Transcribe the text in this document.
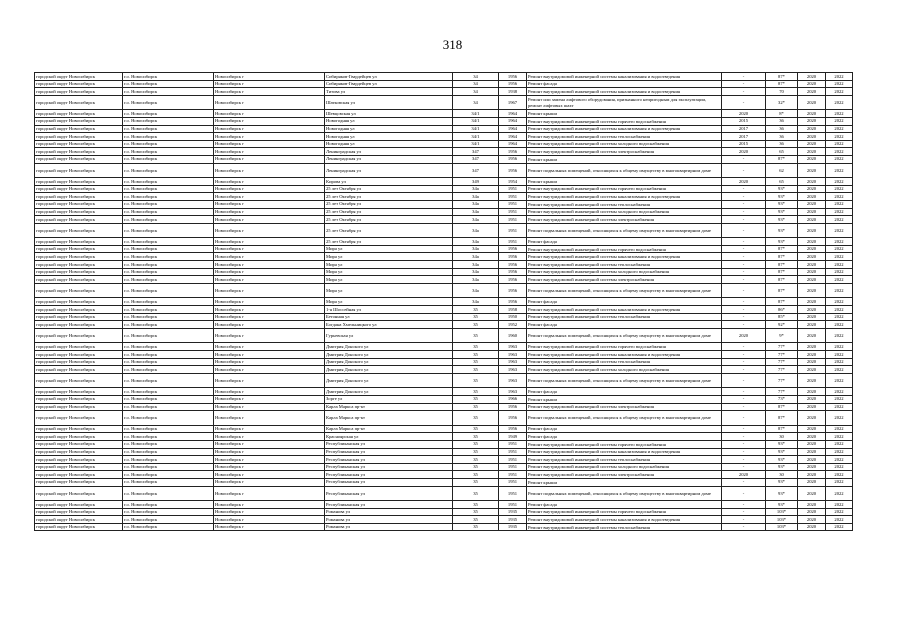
318
городской округ Новосибирск	г.о. Новосибирск	Новосибирск г	Сибиряков-Гвардейцев ул	34	1956	Ремонт внутридомовой инженерной системы канализования и водоотведения	-	87*	2020	2022
городской округ Новосибирск	г.о. Новосибирск	Новосибирск г	Сибиряков-Гвардейцев ул	34	1956	Ремонт фасада	-	87*	2020	2022
городской округ Новосибирск	г.о. Новосибирск	Новосибирск г	Титова ул	34	1938	Ремонт внутридомовой инженерной системы канализования и водоотведения	-	70	2020	2022
городской округ Новосибирск	г.о. Новосибирск	Новосибирск г	Шатковская ул	34	1967	Ремонт или замена лифтового оборудования, признанного непригодным для эксплуатации, ремонт лифтовых шахт	-	32*	2020	2022
городской округ Новосибирск	г.о. Новосибирск	Новосибирск г	Шевцовская ул	34/1	1964	Ремонт крыши	2020	8*	2020	2022
городской округ Новосибирск	г.о. Новосибирск	Новосибирск г	Новогодняя ул	34/1	1964	Ремонт внутридомовой инженерной системы горячего водоснабжения	2015	36	2020	2022
городской округ Новосибирск	г.о. Новосибирск	Новосибирск г	Новогодняя ул	34/1	1964	Ремонт внутридомовой инженерной системы канализования и водоотведения	2017	36	2020	2022
городской округ Новосибирск	г.о. Новосибирск	Новосибирск г	Новогодняя ул	34/1	1964	Ремонт внутридомовой инженерной системы теплоснабжения	2017	36	2020	2022
городской округ Новосибирск	г.о. Новосибирск	Новосибирск г	Новогодняя ул	34/1	1964	Ремонт внутридомовой инженерной системы холодного водоснабжения	2015	36	2020	2022
городской округ Новосибирск	г.о. Новосибирск	Новосибирск г	Ленинградская ул	347	1956	Ремонт внутридомовой инженерной системы электроснабжения	2020	65	2020	2022
городской округ Новосибирск	г.о. Новосибирск	Новосибирск г	Ленинградская ул	347	1956	Ремонт крыши	-	87*	2020	2022
городской округ Новосибирск	г.о. Новосибирск	Новосибирск г	Ленинградская ул	347	1956	Ремонт подвальных помещений, относящихся к общему имуществу в многоквартирном доме	-	62	2020	2022
городской округ Новосибирск	г.о. Новосибирск	Новосибирск г	Кирова ул	349	1954	Ремонт крыши	2020	65	2020	2022
городской округ Новосибирск	г.о. Новосибирск	Новосибирск г	25 лет Октября ул	34а	1951	Ремонт внутридомовой инженерной системы горячего водоснабжения	-	93*	2020	2022
городской округ Новосибирск	г.о. Новосибирск	Новосибирск г	25 лет Октября ул	34а	1951	Ремонт внутридомовой инженерной системы канализования и водоотведения	-	93*	2020	2022
городской округ Новосибирск	г.о. Новосибирск	Новосибирск г	25 лет Октября ул	34а	1951	Ремонт внутридомовой инженерной системы теплоснабжения	-	93*	2020	2022
городской округ Новосибирск	г.о. Новосибирск	Новосибирск г	25 лет Октября ул	34а	1951	Ремонт внутридомовой инженерной системы холодного водоснабжения	-	93*	2020	2022
городской округ Новосибирск	г.о. Новосибирск	Новосибирск г	25 лет Октября ул	34а	1951	Ремонт внутридомовой инженерной системы электроснабжения	-	93*	2020	2022
городской округ Новосибирск	г.о. Новосибирск	Новосибирск г	25 лет Октября ул	34а	1951	Ремонт подвальных помещений, относящихся к общему имуществу в многоквартирном доме	-	93*	2020	2022
городской округ Новосибирск	г.о. Новосибирск	Новосибирск г	25 лет Октября ул	34а	1951	Ремонт фасада	-	93*	2020	2022
городской округ Новосибирск	г.о. Новосибирск	Новосибирск г	Мира ул	34а	1956	Ремонт внутридомовой инженерной системы горячего водоснабжения	-	87*	2020	2022
городской округ Новосибирск	г.о. Новосибирск	Новосибирск г	Мира ул	34а	1956	Ремонт внутридомовой инженерной системы канализования и водоотведения	-	87*	2020	2022
городской округ Новосибирск	г.о. Новосибирск	Новосибирск г	Мира ул	34а	1956	Ремонт внутридомовой инженерной системы теплоснабжения	-	87*	2020	2022
городской округ Новосибирск	г.о. Новосибирск	Новосибирск г	Мира ул	34а	1956	Ремонт внутридомовой инженерной системы холодного водоснабжения	-	87*	2020	2022
городской округ Новосибирск	г.о. Новосибирск	Новосибирск г	Мира ул	34а	1956	Ремонт внутридомовой инженерной системы электроснабжения	-	87*	2020	2022
городской округ Новосибирск	г.о. Новосибирск	Новосибирск г	Мира ул	34а	1956	Ремонт подвальных помещений, относящихся к общему имуществу в многоквартирном доме	-	87*	2020	2022
городской округ Новосибирск	г.о. Новосибирск	Новосибирск г	Мира ул	34а	1956	Ремонт фасада	-	87*	2020	2022
городской округ Новосибирск	г.о. Новосибирск	Новосибирск г	1-я Шоссейная ул	35	1958	Ремонт внутридомовой инженерной системы канализования и водоотведения	-	86*	2020	2022
городской округ Новосибирск	г.о. Новосибирск	Новосибирск г	Бетонная ул	35	1950	Ремонт внутридомовой инженерной системы теплоснабжения	-	85*	2020	2022
городской округ Новосибирск	г.о. Новосибирск	Новосибирск г	Богдана Хмельницкого ул	35	1952	Ремонт фасада	-	92*	2020	2022
городской округ Новосибирск	г.о. Новосибирск	Новосибирск г	Гурьевская ул	35	1960	Ремонт подвальных помещений, относящихся к общему имуществу в многоквартирном доме	2020	9*	2020	2022
городской округ Новосибирск	г.о. Новосибирск	Новосибирск г	Дмитрия Донского ул	35	1963	Ремонт внутридомовой инженерной системы горячего водоснабжения	-	77*	2020	2022
городской округ Новосибирск	г.о. Новосибирск	Новосибирск г	Дмитрия Донского ул	35	1963	Ремонт внутридомовой инженерной системы канализования и водоотведения	-	77*	2020	2022
городской округ Новосибирск	г.о. Новосибирск	Новосибирск г	Дмитрия Донского ул	35	1963	Ремонт внутридомовой инженерной системы теплоснабжения	-	77*	2020	2022
городской округ Новосибирск	г.о. Новосибирск	Новосибирск г	Дмитрия Донского ул	35	1963	Ремонт внутридомовой инженерной системы холодного водоснабжения	-	77*	2020	2022
городской округ Новосибирск	г.о. Новосибирск	Новосибирск г	Дмитрия Донского ул	35	1963	Ремонт подвальных помещений, относящихся к общему имуществу в многоквартирном доме	-	77*	2020	2022
городской округ Новосибирск	г.о. Новосибирск	Новосибирск г	Дмитрия Донского ул	35	1963	Ремонт фасада	-	77*	2020	2022
городской округ Новосибирск	г.о. Новосибирск	Новосибирск г	Зорге ул	35	1966	Ремонт крыши	-	73*	2020	2022
городской округ Новосибирск	г.о. Новосибирск	Новосибирск г	Карла Маркса пр-кт	35	1956	Ремонт внутридомовой инженерной системы электроснабжения	-	87*	2020	2022
городской округ Новосибирск	г.о. Новосибирск	Новосибирск г	Карла Маркса пр-кт	35	1956	Ремонт подвальных помещений, относящихся к общему имуществу в многоквартирном доме	-	87*	2020	2022
городской округ Новосибирск	г.о. Новосибирск	Новосибирск г	Карла Маркса пр-кт	35	1956	Ремонт фасада	-	87*	2020	2022
городской округ Новосибирск	г.о. Новосибирск	Новосибирск г	Красноярская ул	35	1949	Ремонт фасада	-	30	2020	2022
городской округ Новосибирск	г.о. Новосибирск	Новосибирск г	Республиканская ул	35	1951	Ремонт внутридомовой инженерной системы горячего водоснабжения	-	93*	2020	2022
городской округ Новосибирск	г.о. Новосибирск	Новосибирск г	Республиканская ул	35	1951	Ремонт внутридомовой инженерной системы канализования и водоотведения	-	93*	2020	2022
городской округ Новосибирск	г.о. Новосибирск	Новосибирск г	Республиканская ул	35	1951	Ремонт внутридомовой инженерной системы теплоснабжения	-	93*	2020	2022
городской округ Новосибирск	г.о. Новосибирск	Новосибирск г	Республиканская ул	35	1951	Ремонт внутридомовой инженерной системы холодного водоснабжения	-	93*	2020	2022
городской округ Новосибирск	г.о. Новосибирск	Новосибирск г	Республиканская ул	35	1951	Ремонт внутридомовой инженерной системы электроснабжения	2020	30	2020	2022
городской округ Новосибирск	г.о. Новосибирск	Новосибирск г	Республиканская ул	35	1951	Ремонт крыши	-	93*	2020	2022
городской округ Новосибирск	г.о. Новосибирск	Новосибирск г	Республиканская ул	35	1951	Ремонт подвальных помещений, относящихся к общему имуществу в многоквартирном доме	-	93*	2020	2022
городской округ Новосибирск	г.о. Новосибирск	Новосибирск г	Республиканская ул	35	1951	Ремонт фасада	-	93*	2020	2022
городской округ Новосибирск	г.о. Новосибирск	Новосибирск г	Романова ул	35	1935	Ремонт внутридомовой инженерной системы горячего водоснабжения	-	103*	2020	2022
городской округ Новосибирск	г.о. Новосибирск	Новосибирск г	Романова ул	35	1935	Ремонт внутридомовой инженерной системы канализования и водоотведения	-	103*	2020	2022
городской округ Новосибирск	г.о. Новосибирск	Новосибирск г	Романова ул	35	1935	Ремонт внутридомовой инженерной системы теплоснабжения	-	103*	2020	2022
